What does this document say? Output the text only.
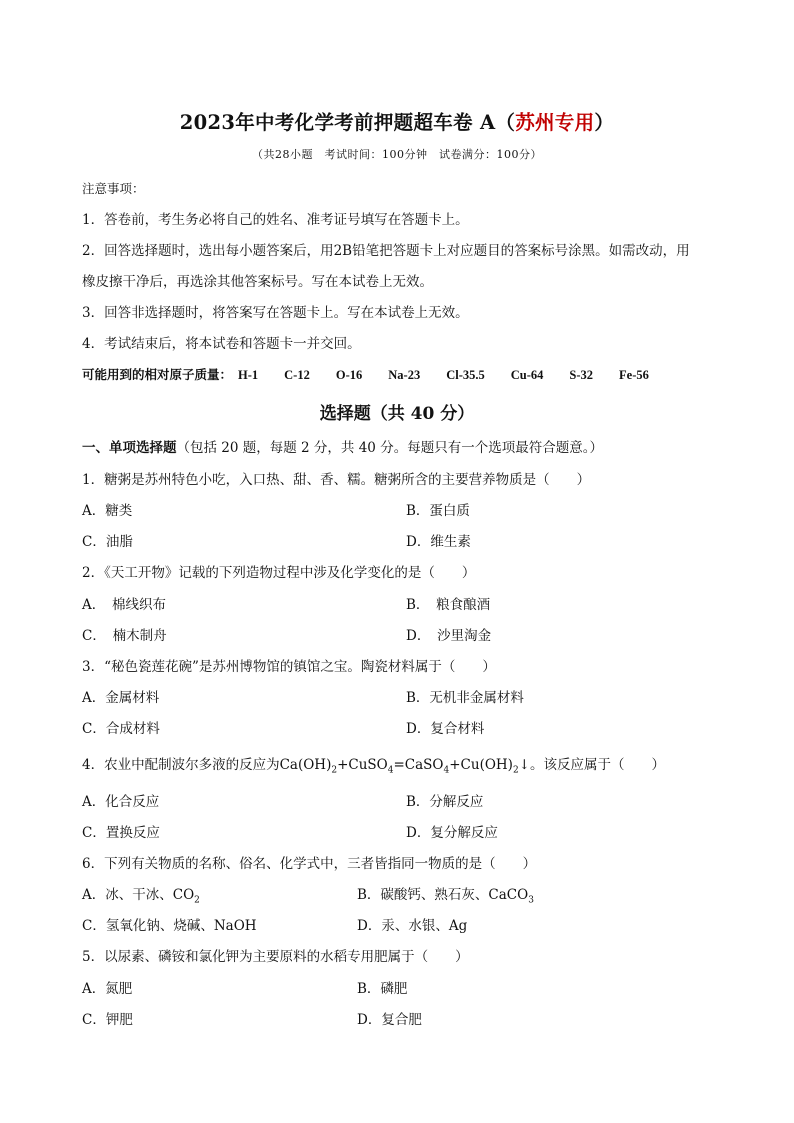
2023年中考化学考前押题超车卷 A（苏州专用）
（共28小题　考试时间：100分钟　试卷满分：100分）
注意事项：
1．答卷前，考生务必将自己的姓名、准考证号填写在答题卡上。
2．回答选择题时，选出每小题答案后，用2B铅笔把答题卡上对应题目的答案标号涂黑。如需改动，用
橡皮擦干净后，再选涂其他答案标号。写在本试卷上无效。
3．回答非选择题时，将答案写在答题卡上。写在本试卷上无效。
4．考试结束后，将本试卷和答题卡一并交回。
可能用到的相对原子质量： H-1 C-12 O-16 Na-23 Cl-35.5 Cu-64 S-32 Fe-56
选择题（共 40 分）
一、单项选择题（包括 20 题，每题 2 分，共 40 分。每题只有一个选项最符合题意。）
1．糖粥是苏州特色小吃，入口热、甜、香、糯。糖粥所含的主要营养物质是（　　）
A．糖类	B．蛋白质
C．油脂	D．维生素
2．《天工开物》记载的下列造物过程中涉及化学变化的是（　　）
A．　棉线织布	B．　粮食酿酒
C．　楠木制舟	D．　沙里淘金
3．“秘色瓷莲花碗”是苏州博物馆的镇馆之宝。陶瓷材料属于（　　）
A．金属材料	B．无机非金属材料
C．合成材料	D．复合材料
4．农业中配制波尔多液的反应为$Ca(OH)_2+CuSO_4=CaSO_4+Cu(OH)_2↓$。该反应属于（　　）
A．化合反应	B．分解反应
C．置换反应	D．复分解反应
6．下列有关物质的名称、俗名、化学式中，三者皆指同一物质的是（　　）
A．冰、干冰、$CO_2$	B．碳酸钙、熟石灰、CaCO$_3$
C．氢氧化钠、烧碱、NaOH	D．汞、水银、Ag
5．以尿素、磷铵和氯化钾为主要原料的水稻专用肥属于（　　）
A．氮肥	B．磷肥
C．钾肥	D．复合肥
